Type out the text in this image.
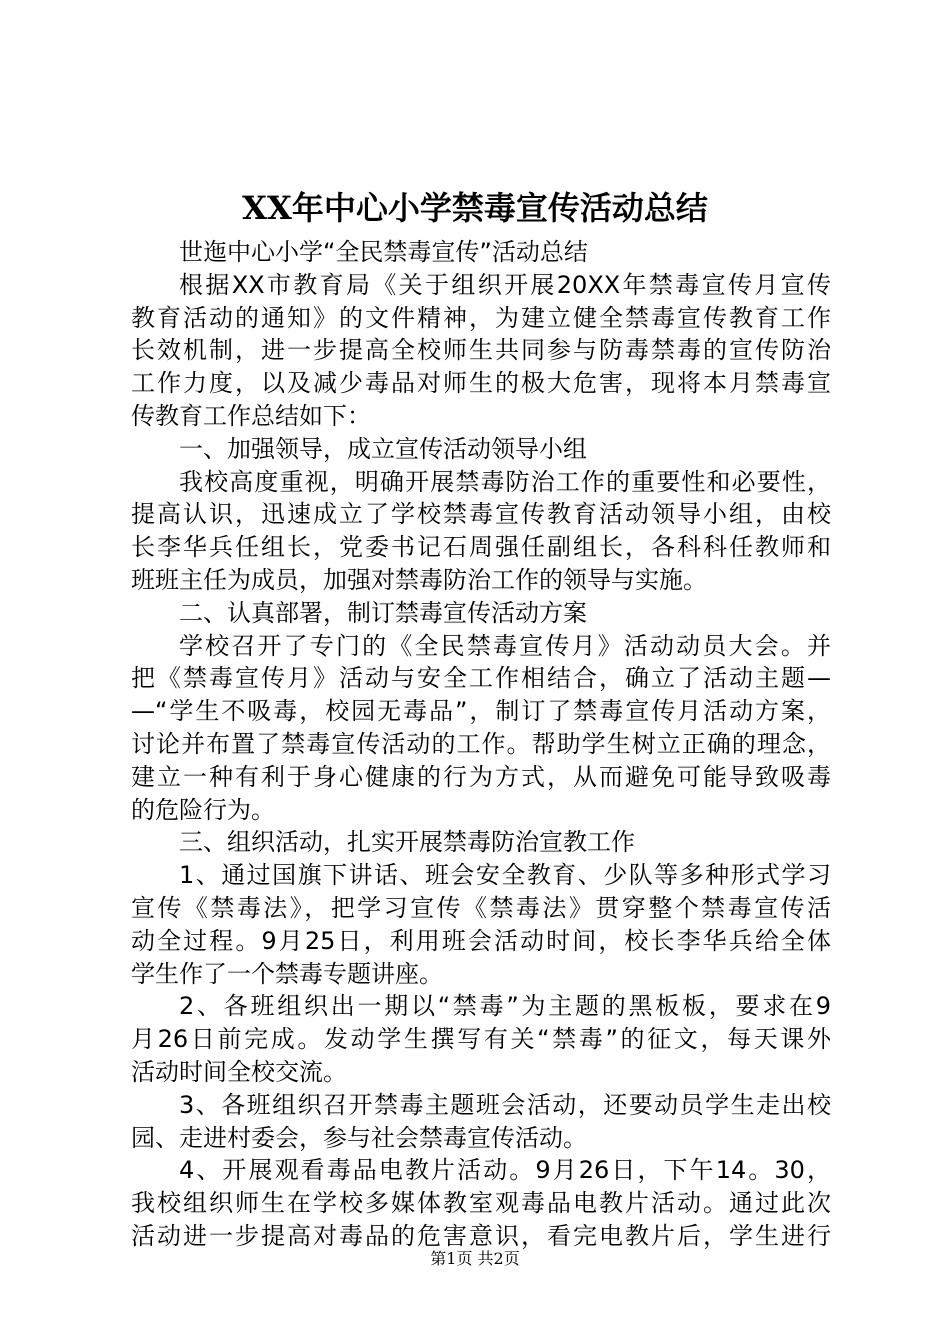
XX年中心小学禁毒宣传活动总结
世迤中心小学“全民禁毒宣传”活动总结
根据XX市教育局《关于组织开展20XX年禁毒宣传月宣传
教育活动的通知》的文件精神，为建立健全禁毒宣传教育工作
长效机制，进一步提高全校师生共同参与防毒禁毒的宣传防治
工作力度，以及减少毒品对师生的极大危害，现将本月禁毒宣
传教育工作总结如下：
一、加强领导，成立宣传活动领导小组
我校高度重视，明确开展禁毒防治工作的重要性和必要性，
提高认识，迅速成立了学校禁毒宣传教育活动领导小组，由校
长李华兵任组长，党委书记石周强任副组长，各科科任教师和
班班主任为成员，加强对禁毒防治工作的领导与实施。
二、认真部署，制订禁毒宣传活动方案
学校召开了专门的《全民禁毒宣传月》活动动员大会。并
把《禁毒宣传月》活动与安全工作相结合，确立了活动主题—
—“学生不吸毒，校园无毒品”，制订了禁毒宣传月活动方案，
讨论并布置了禁毒宣传活动的工作。帮助学生树立正确的理念，
建立一种有利于身心健康的行为方式，从而避免可能导致吸毒
的危险行为。
三、组织活动，扎实开展禁毒防治宣教工作
1、通过国旗下讲话、班会安全教育、少队等多种形式学习
宣传《禁毒法》，把学习宣传《禁毒法》贯穿整个禁毒宣传活
动全过程。9月25日，利用班会活动时间，校长李华兵给全体
学生作了一个禁毒专题讲座。
2、各班组织出一期以“禁毒”为主题的黑板板，要求在9
月26日前完成。发动学生撰写有关“禁毒”的征文，每天课外
活动时间全校交流。
3、各班组织召开禁毒主题班会活动，还要动员学生走出校
园、走进村委会，参与社会禁毒宣传活动。
4、开展观看毒品电教片活动。9月26日，下午14。30，
我校组织师生在学校多媒体教室观毒品电教片活动。通过此次
活动进一步提高对毒品的危害意识，看完电教片后，学生进行
第1页 共2页
